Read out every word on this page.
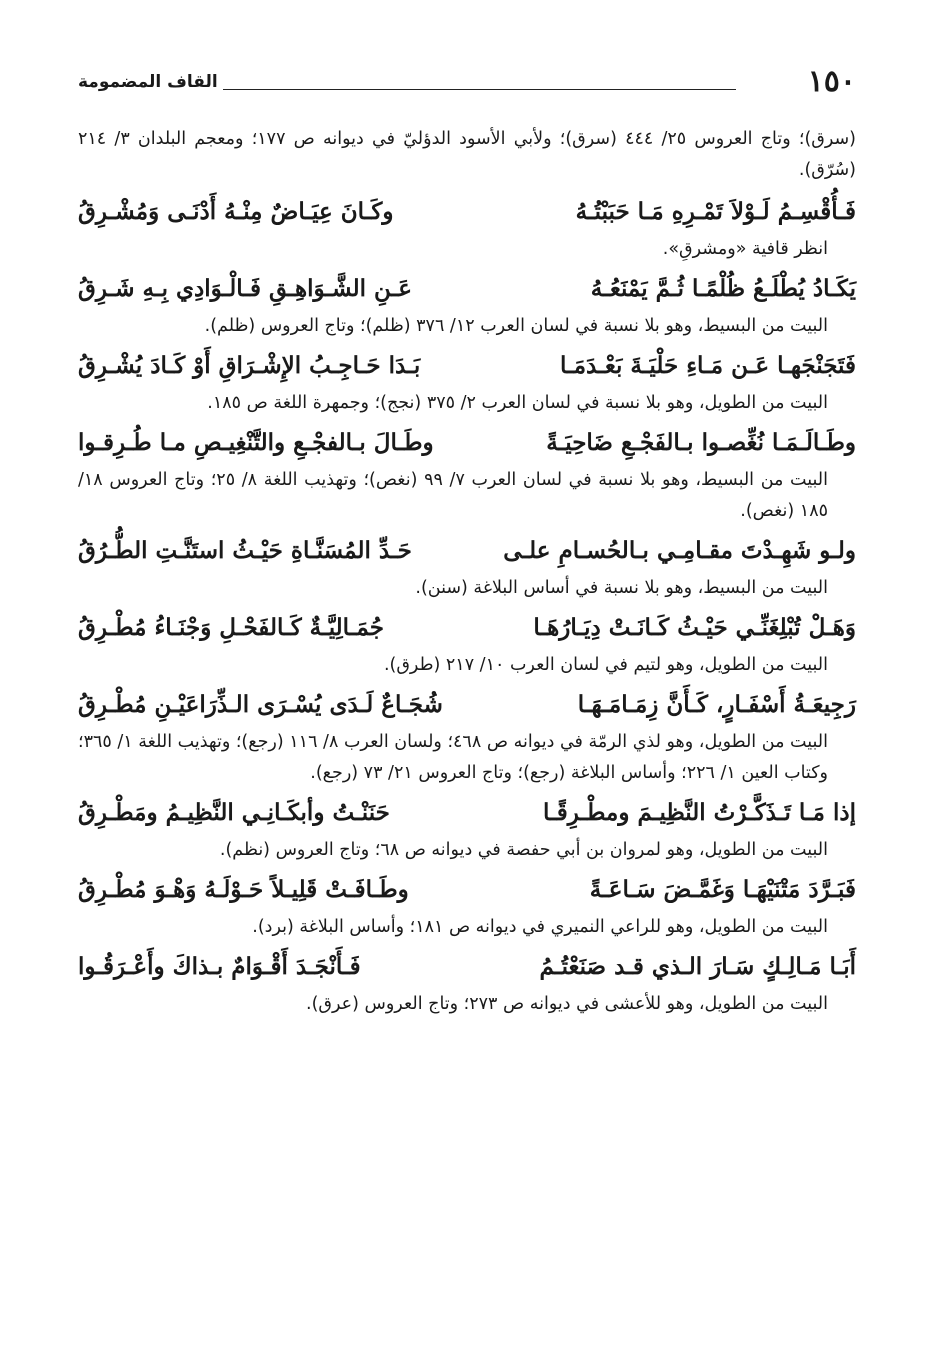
١٥٠
القاف المضمومة

(سرق)؛ وتاج العروس ٢٥/ ٤٤٤ (سرق)؛ ولأبي الأسود الدؤليّ في ديوانه ص ١٧٧؛ ومعجم البلدان ٣/ ٢١٤ (سُرّق).

فَـأُقْسِـمُ لَـوْلاَ تَمْـرِهِ مَـا حَبَبْتُـهُ
وكَـانَ عِيَـاضٌ مِنْـهُ أَدْنَـى وَمُشْـرِقُ

انظر قافية «ومشرقِ».

يَكَـادُ يُطْلَـعُ ظُلْمًـا ثُـمَّ يَمْنَعُـهُ
عَـنِ الشَّـوَاهِـقِ فَـالْـوَادِي بِـهِ شَـرِقُ

البيت من البسيط، وهو بلا نسبة في لسان العرب ١٢/ ٣٧٦ (ظلم)؛ وتاج العروس (ظلم).

فَتَجَنْجَهـا عَـن مَـاءِ حَلْيَـةَ بَعْـدَمَـا
بَـدَا حَـاجِـبُ الإِشْـرَاقِ أَوْ كَـادَ يُشْـرِقُ

البيت من الطويل، وهو بلا نسبة في لسان العرب ٢/ ٣٧٥ (نجج)؛ وجمهرة اللغة ص ١٨٥.

وطَـالَـمَـا نُغِّصـوا بـالفَجْـعِ ضَاحِيَـةً
وطَـالَ بـالفجْـعِ والتَّنْغِيـصِ مـا طُـرِقـوا

البيت من البسيط، وهو بلا نسبة في لسان العرب ٧/ ٩٩ (نغص)؛ وتهذيب اللغة ٨/ ٢٥؛ وتاج العروس ١٨/ ١٨٥ (نغص).

ولـو شَهِـدْتَ مقـامِـي بـالحُسـامِ علـى
حَـدِّ المُسَنَّـاةِ حَيْـثُ استَنَّـتِ الطُّـرُقُ

البيت من البسيط، وهو بلا نسبة في أساس البلاغة (سنن).

وَهَـلْ تُبْلِغَنِّـي حَيْـثُ كَـانَـتْ دِيَـارُهَـا
جُمَـالِيَّـةٌ كَـالفَحْـلِ وَجْنَـاءُ مُطْـرِقُ

البيت من الطويل، وهو لتيم في لسان العرب ١٠/ ٢١٧ (طرق).

رَجِيعَـةُ أَسْفَـارٍ، كَـأَنَّ زِمَـامَـهَـا
شُجَـاعٌ لَـدَى يُسْـرَى الـذِّرَاعَيْـنِ مُطْـرِقُ

البيت من الطويل، وهو لذي الرمّة في ديوانه ص ٤٦٨؛ ولسان العرب ٨/ ١١٦ (رجع)؛ وتهذيب اللغة ١/ ٣٦٥؛ وكتاب العين ١/ ٢٢٦؛ وأساس البلاغة (رجع)؛ وتاج العروس ٢١/ ٧٣ (رجع).

إذا مَـا تَـذَكَّـرْتُ النَّظِيـمَ ومطْـرِقًـا
حَنَنْـتُ وأبكَـانِـي النَّظِيـمُ ومَطْـرِقُ

البيت من الطويل، وهو لمروان بن أبي حفصة في ديوانه ص ٦٨؛ وتاج العروس (نظم).

فَبَـرَّدَ مَتْنَيْهَـا وَغَمَّـضَ سَـاعَـةً
وطَـافَـتْ قَلِيـلاً حَـوْلَـهُ وَهْـوَ مُطْـرِقُ

البيت من الطويل، وهو للراعي النميري في ديوانه ص ١٨١؛ وأساس البلاغة (برد).

أَبَـا مَـالِـكٍ سَـارَ الـذي قـد صَنَعْتُـمُ
فَـأَنْجَـدَ أَقْـوَامٌ بـذاكَ وأَعْـرَقُـوا

البيت من الطويل، وهو للأعشى في ديوانه ص ٢٧٣؛ وتاج العروس (عرق).
